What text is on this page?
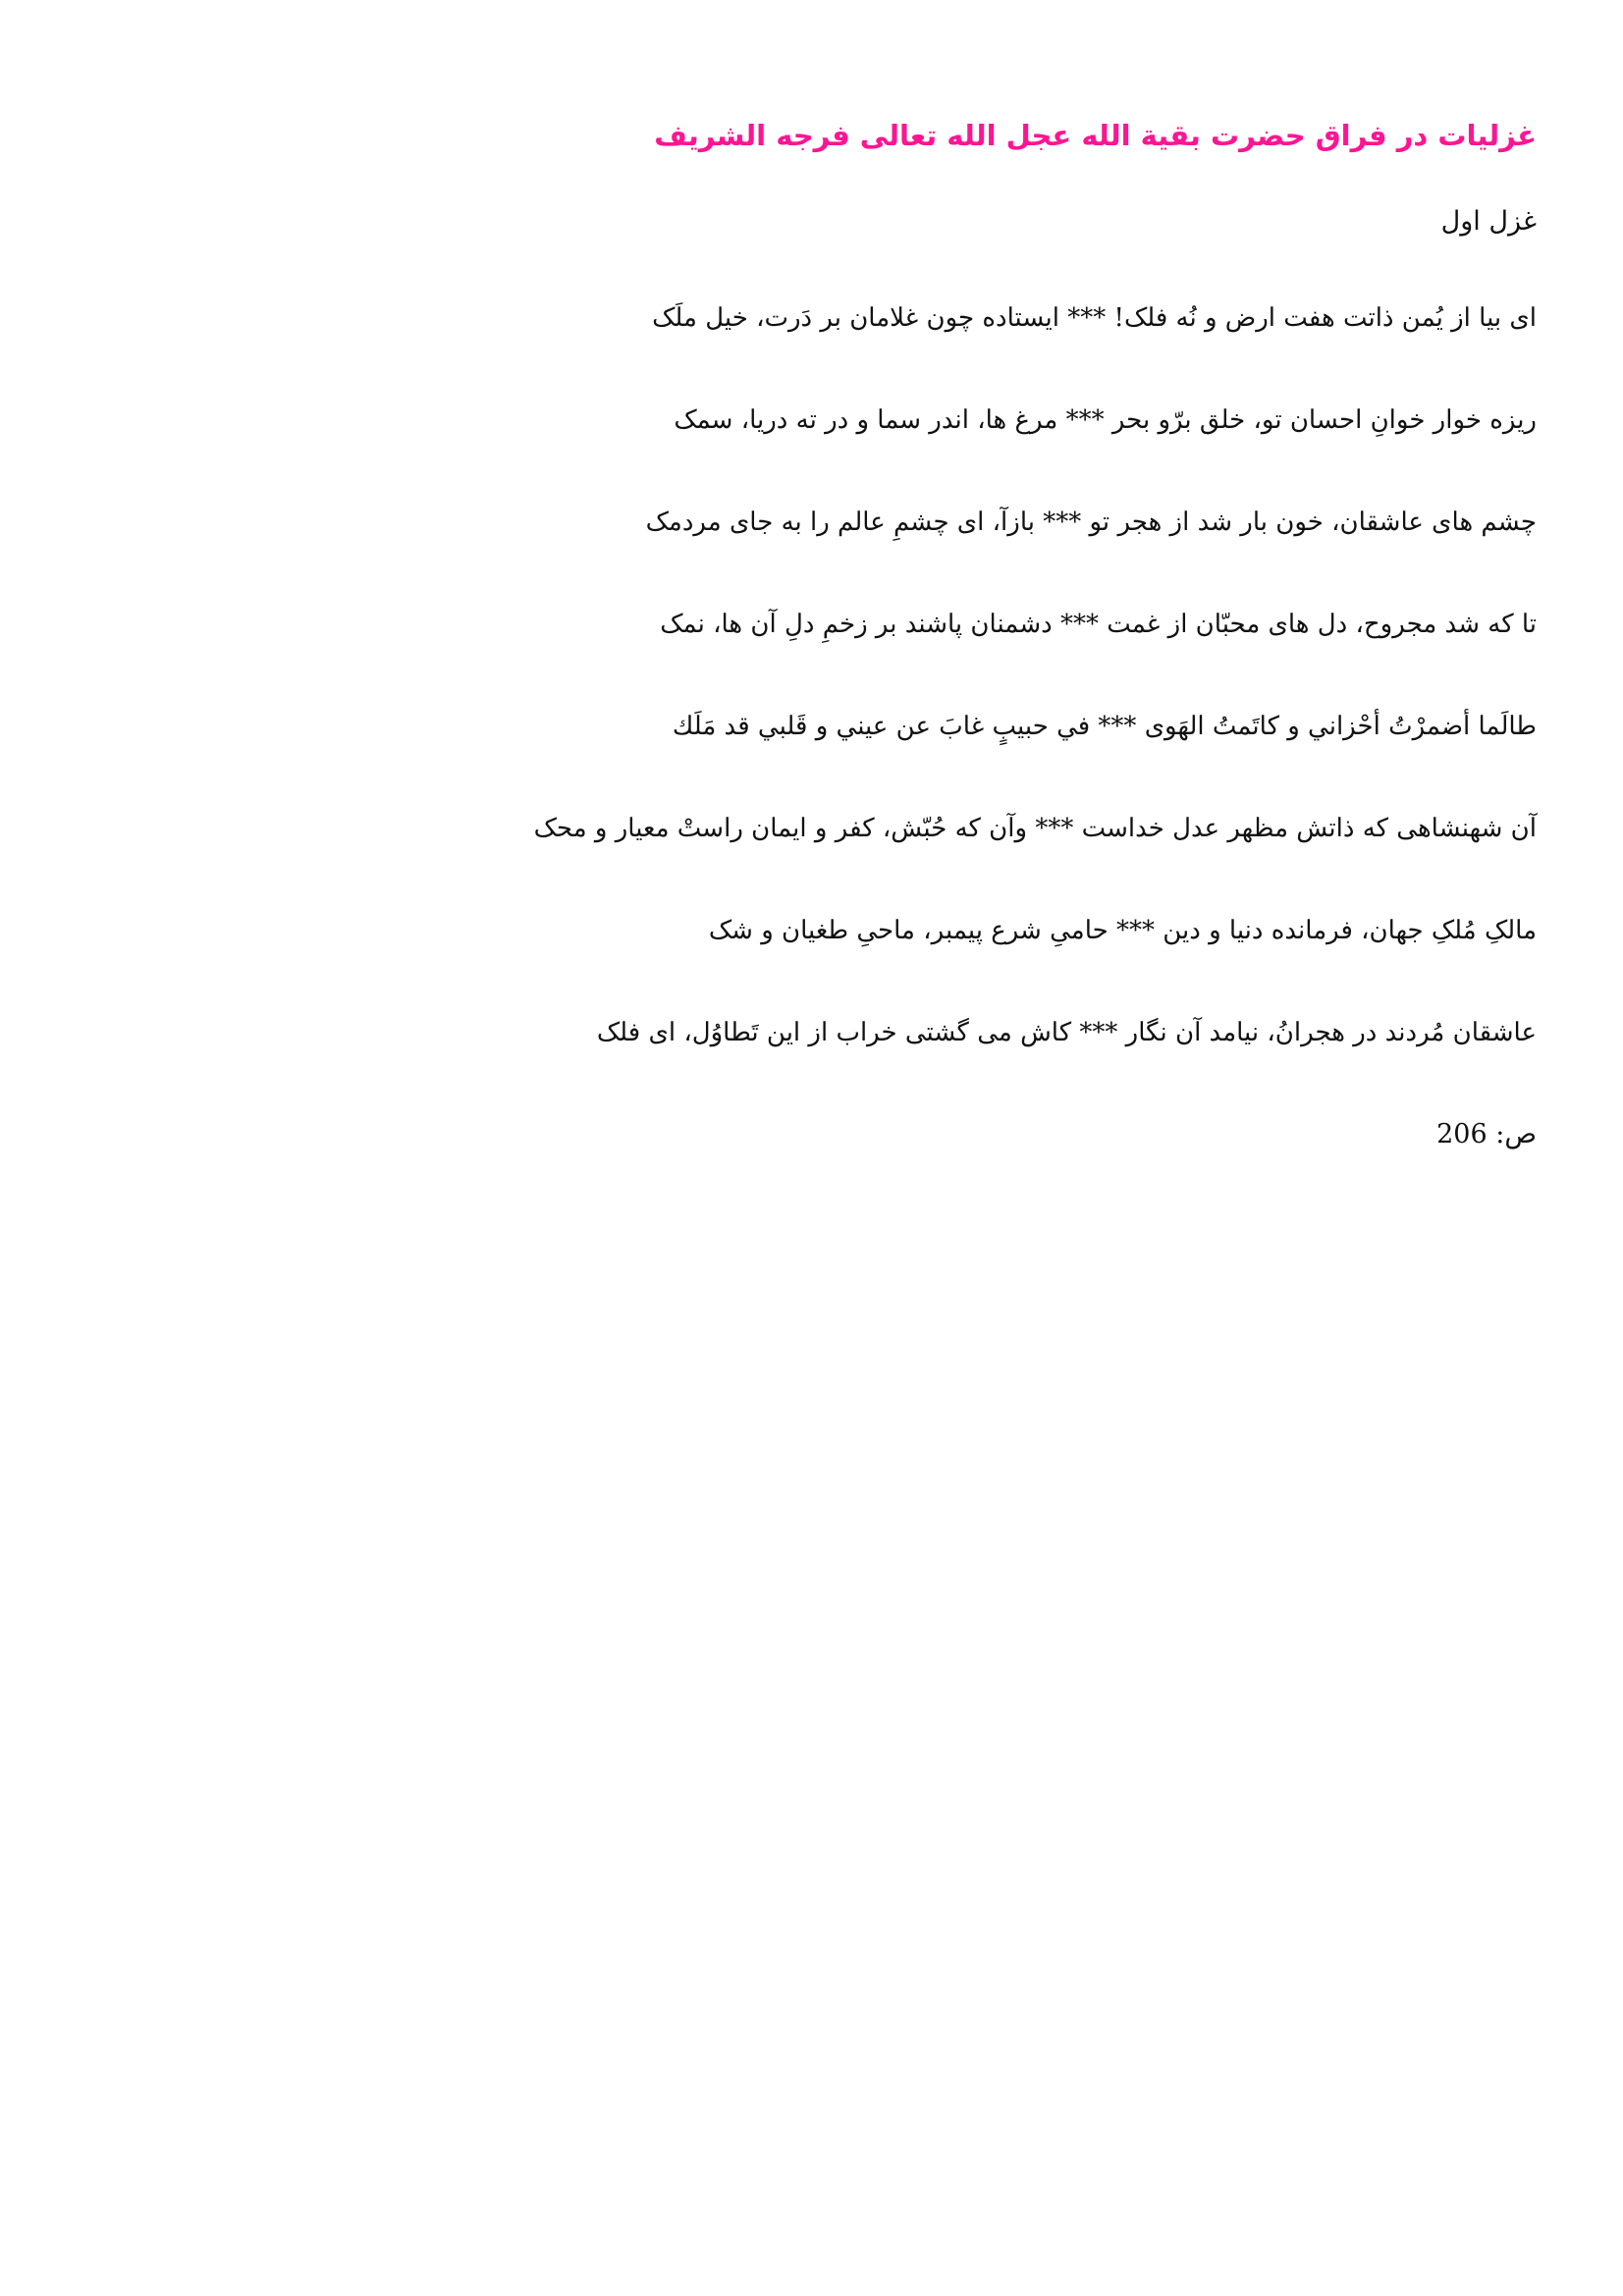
غزلیات در فراق حضرت بقیة الله عجل الله تعالی فرجه الشریف
غزل اول

ای بیا از یُمن ذاتت هفت ارض و نُه فلک! *** ایستاده چون غلامان بر دَرت، خیل ملَک

ریزه خوار خوانِ احسان تو، خلق برّو بحر *** مرغ ها، اندر سما و در ته دریا، سمک

چشم های عاشقان، خون بار شد از هجر تو *** بازآ، ای چشمِ عالم را به جای مردمک

تا که شد مجروح، دل های محبّان از غمت *** دشمنان پاشند بر زخمِ دلِ آن ها، نمک

طالَما أضمرْتُ أحْزاني و كاتَمتُ الهَوى *** في حبيبٍ غابَ عن عيني و قَلبي قد مَلَك

آن شهنشاهی که ذاتش مظهر عدل خداست *** وآن که حُبّش، کفر و ایمان راستْ معیار و محک

مالکِ مُلکِ جهان، فرمانده دنیا و دین *** حامیِ شرع پیمبر، ماحیِ طغیان و شک

عاشقان مُردند در هجرانُ، نیامد آن نگار *** کاش می گشتی خراب از این تَطاوُل، ای فلک

ص: 206
